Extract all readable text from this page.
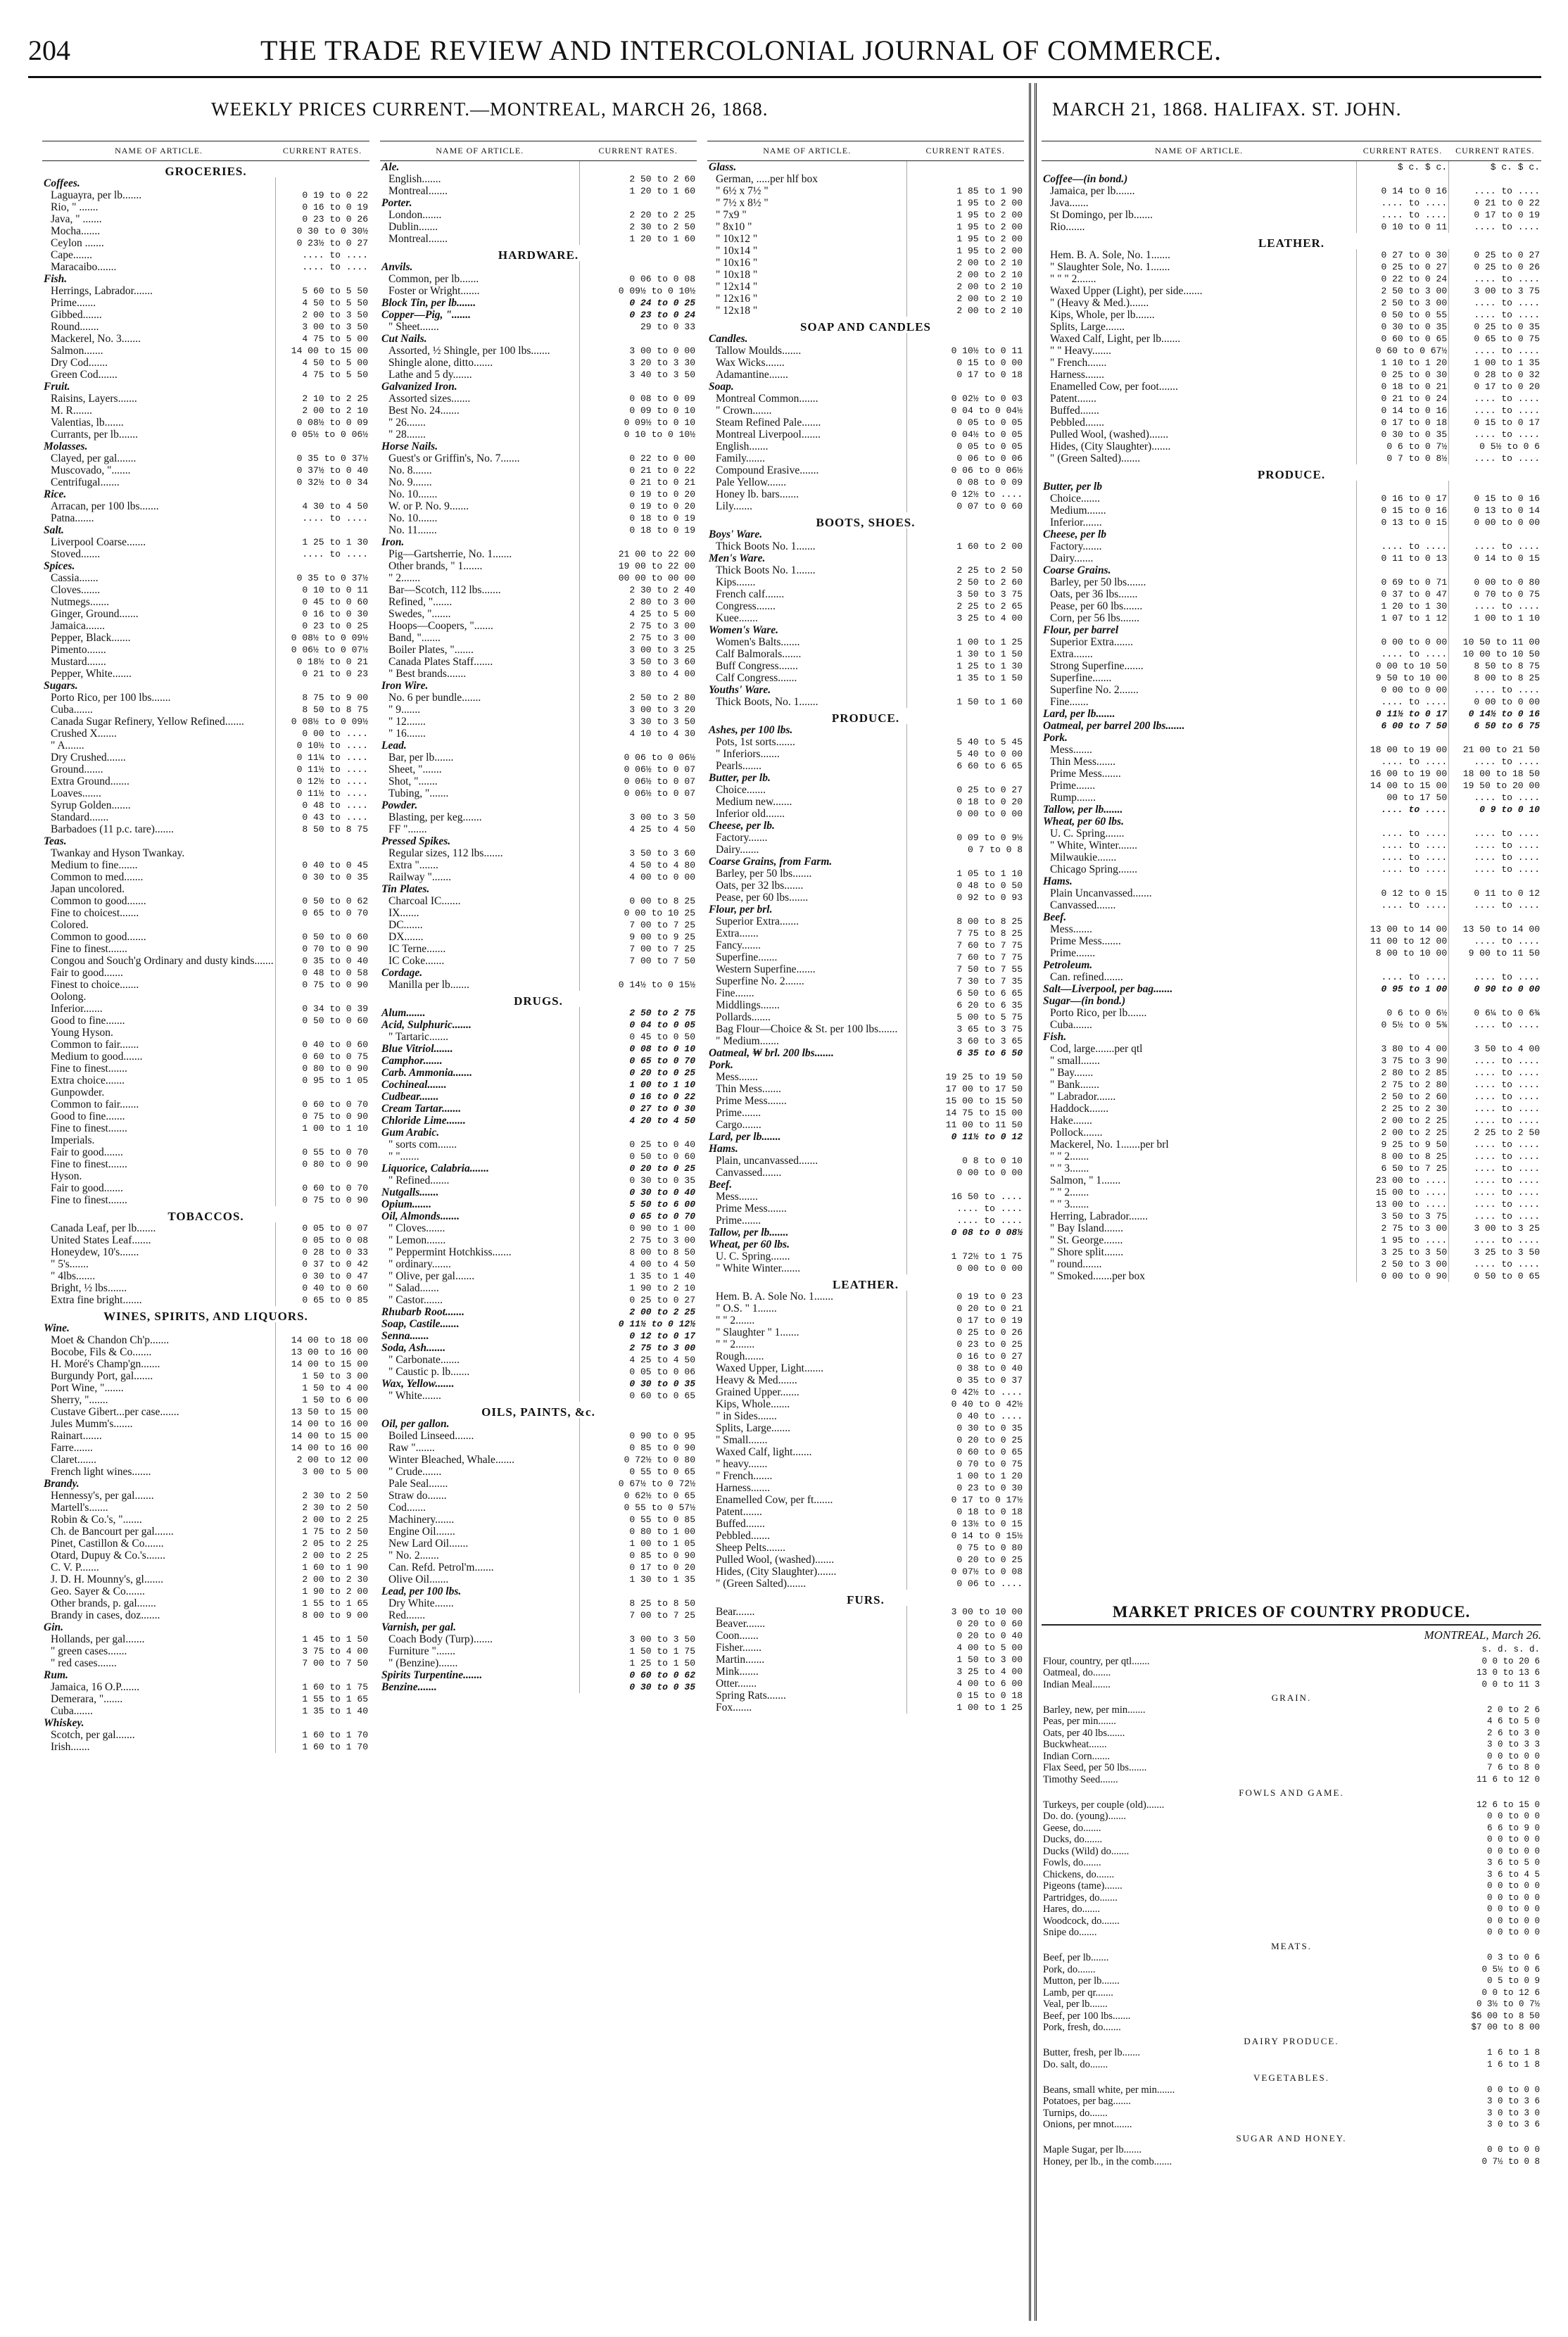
204	THE TRADE REVIEW AND INTERCOLONIAL JOURNAL OF COMMERCE.
WEEKLY PRICES CURRENT.—MONTREAL, MARCH 26, 1868.	MARCH 21, 1868. HALIFAX. ST. JOHN.
NAME OF ARTICLE.	CURRENT RATES.
GROCERIES.	
Coffees.	
Laguayra, per lb.......	0 19 to 0 22
Rio, " .......	0 16 to 0 19
Java, " .......	0 23 to 0 26
Mocha.......	0 30 to 0 30½
Ceylon .......	0 23½ to 0 27
Cape.......	.... to ....
Maracaibo.......	.... to ....
Fish.	
Herrings, Labrador.......	5 60 to 5 50
Prime.......	4 50 to 5 50
Gibbed.......	2 00 to 3 50
Round.......	3 00 to 3 50
Mackerel, No. 3.......	4 75 to 5 00
Salmon.......	14 00 to 15 00
Dry Cod.......	4 50 to 5 00
Green Cod.......	4 75 to 5 50
Fruit.	
Raisins, Layers.......	2 10 to 2 25
M. R.......	2 00 to 2 10
Valentias, lb.......	0 08½ to 0 09
Currants, per lb.......	0 05½ to 0 06½
Molasses.	
Clayed, per gal.......	0 35 to 0 37½
Muscovado, ".......	0 37½ to 0 40
Centrifugal.......	0 32½ to 0 34
Rice.	
Arracan, per 100 lbs.......	4 30 to 4 50
Patna.......	.... to ....
Salt.	
Liverpool Coarse.......	1 25 to 1 30
Stoved.......	.... to ....
Spices.	
Cassia.......	0 35 to 0 37½
Cloves.......	0 10 to 0 11
Nutmegs.......	0 45 to 0 60
Ginger, Ground.......	0 16 to 0 30
Jamaica.......	0 23 to 0 25
Pepper, Black.......	0 08½ to 0 09½
Pimento.......	0 06½ to 0 07½
Mustard.......	0 18½ to 0 21
Pepper, White.......	0 21 to 0 23
Sugars.	
Porto Rico, per 100 lbs.......	8 75 to 9 00
Cuba.......	8 50 to 8 75
Canada Sugar Refinery, Yellow Refined.......	0 08½ to 0 09½
Crushed X.......	0 00 to ....
" A.......	0 10½ to ....
Dry Crushed.......	0 11¼ to ....
Ground.......	0 11½ to ....
Extra Ground.......	0 12½ to ....
Loaves.......	0 11½ to ....
Syrup Golden.......	0 48 to ....
Standard.......	0 43 to ....
Barbadoes (11 p.c. tare).......	8 50 to 8 75
Teas.	
Twankay and Hyson Twankay.	
Medium to fine.......	0 40 to 0 45
Common to med.......	0 30 to 0 35
Japan uncolored.	
Common to good.......	0 50 to 0 62
Fine to choicest.......	0 65 to 0 70
Colored.	
Common to good.......	0 50 to 0 60
Fine to finest.......	0 70 to 0 90
Congou and Souch'g Ordinary and dusty kinds.......	0 35 to 0 40
Fair to good.......	0 48 to 0 58
Finest to choice.......	0 75 to 0 90
Oolong.	
Inferior.......	0 34 to 0 39
Good to fine.......	0 50 to 0 60
Young Hyson.	
Common to fair.......	0 40 to 0 60
Medium to good.......	0 60 to 0 75
Fine to finest.......	0 80 to 0 90
Extra choice.......	0 95 to 1 05
Gunpowder.	
Common to fair.......	0 60 to 0 70
Good to fine.......	0 75 to 0 90
Fine to finest.......	1 00 to 1 10
Imperials.	
Fair to good.......	0 55 to 0 70
Fine to finest.......	0 80 to 0 90
Hyson.	
Fair to good.......	0 60 to 0 70
Fine to finest.......	0 75 to 0 90
TOBACCOS.	
Canada Leaf, per lb.......	0 05 to 0 07
United States Leaf.......	0 05 to 0 08
Honeydew, 10's.......	0 28 to 0 33
" 5's.......	0 37 to 0 42
" 4lbs.......	0 30 to 0 47
Bright, ½ lbs.......	0 40 to 0 60
Extra fine bright.......	0 65 to 0 85
WINES, SPIRITS, AND LIQUORS.	
Wine.	
Moet & Chandon Ch'p.......	14 00 to 18 00
Bocobe, Fils & Co.......	13 00 to 16 00
H. Moré's Champ'gn.......	14 00 to 15 00
Burgundy Port, gal.......	1 50 to 3 00
Port Wine, ".......	1 50 to 4 00
Sherry, ".......	1 50 to 6 00
Custave Gibert...per case.......	13 50 to 15 00
Jules Mumm's.......	14 00 to 16 00
Rainart.......	14 00 to 15 00
Farre.......	14 00 to 16 00
Claret.......	2 00 to 12 00
French light wines.......	3 00 to 5 00
Brandy.	
Hennessy's, per gal.......	2 30 to 2 50
Martell's.......	2 30 to 2 50
Robin & Co.'s, ".......	2 00 to 2 25
Ch. de Bancourt per gal.......	1 75 to 2 50
Pinet, Castillon & Co.......	2 05 to 2 25
Otard, Dupuy & Co.'s.......	2 00 to 2 25
C. V. P.......	1 60 to 1 90
J. D. H. Mounny's, gl.......	2 00 to 2 30
Geo. Sayer & Co.......	1 90 to 2 00
Other brands, p. gal.......	1 55 to 1 65
Brandy in cases, doz.......	8 00 to 9 00
Gin.	
Hollands, per gal.......	1 45 to 1 50
" green cases.......	3 75 to 4 00
" red cases.......	7 00 to 7 50
Rum.	
Jamaica, 16 O.P.......	1 60 to 1 75
Demerara, ".......	1 55 to 1 65
Cuba.......	1 35 to 1 40
Whiskey.	
Scotch, per gal.......	1 60 to 1 70
Irish.......	1 60 to 1 70
NAME OF ARTICLE.	CURRENT RATES.
Ale.	
English.......	2 50 to 2 60
Montreal.......	1 20 to 1 60
Porter.	
London.......	2 20 to 2 25
Dublin.......	2 30 to 2 50
Montreal.......	1 20 to 1 60
HARDWARE.	
Anvils.	
Common, per lb.......	0 06 to 0 08
Foster or Wright.......	0 09½ to 0 10½
Block Tin, per lb.......	0 24 to 0 25
Copper—Pig, ".......	0 23 to 0 24
" Sheet.......	29 to 0 33
Cut Nails.	
Assorted, ½ Shingle, per 100 lbs.......	3 00 to 0 00
Shingle alone, ditto.......	3 20 to 3 30
Lathe and 5 dy.......	3 40 to 3 50
Galvanized Iron.	
Assorted sizes.......	0 08 to 0 09
Best No. 24.......	0 09 to 0 10
" 26.......	0 09½ to 0 10
" 28.......	0 10 to 0 10½
Horse Nails.	
Guest's or Griffin's, No. 7.......	0 22 to 0 00
No. 8.......	0 21 to 0 22
No. 9.......	0 21 to 0 21
No. 10.......	0 19 to 0 20
W. or P. No. 9.......	0 19 to 0 20
No. 10.......	0 18 to 0 19
No. 11.......	0 18 to 0 19
Iron.	
Pig—Gartsherrie, No. 1.......	21 00 to 22 00
Other brands, " 1.......	19 00 to 22 00
" 2.......	00 00 to 00 00
Bar—Scotch, 112 lbs.......	2 30 to 2 40
Refined, ".......	2 80 to 3 00
Swedes, ".......	4 25 to 5 00
Hoops—Coopers, ".......	2 75 to 3 00
Band, ".......	2 75 to 3 00
Boiler Plates, ".......	3 00 to 3 25
Canada Plates Staff.......	3 50 to 3 60
" Best brands.......	3 80 to 4 00
Iron Wire.	
No. 6 per bundle.......	2 50 to 2 80
" 9.......	3 00 to 3 20
" 12.......	3 30 to 3 50
" 16.......	4 10 to 4 30
Lead.	
Bar, per lb.......	0 06 to 0 06½
Sheet, ".......	0 06½ to 0 07
Shot, ".......	0 06½ to 0 07
Tubing, ".......	0 06½ to 0 07
Powder.	
Blasting, per keg.......	3 00 to 3 50
FF ".......	4 25 to 4 50
Pressed Spikes.	
Regular sizes, 112 lbs.......	3 50 to 3 60
Extra ".......	4 50 to 4 80
Railway ".......	4 00 to 0 00
Tin Plates.	
Charcoal IC.......	0 00 to 8 25
IX.......	0 00 to 10 25
DC.......	7 00 to 7 25
DX.......	9 00 to 9 25
IC Terne.......	7 00 to 7 25
IC Coke.......	7 00 to 7 50
Cordage.	
Manilla per lb.......	0 14½ to 0 15½
DRUGS.	
Alum.......	2 50 to 2 75
Acid, Sulphuric.......	0 04 to 0 05
" Tartaric.......	0 45 to 0 50
Blue Vitriol.......	0 08 to 0 10
Camphor.......	0 65 to 0 70
Carb. Ammonia.......	0 20 to 0 25
Cochineal.......	1 00 to 1 10
Cudbear.......	0 16 to 0 22
Cream Tartar.......	0 27 to 0 30
Chloride Lime.......	4 20 to 4 50
Gum Arabic.	
" sorts com.......	0 25 to 0 40
" ".......	0 50 to 0 60
Liquorice, Calabria.......	0 20 to 0 25
" Refined.......	0 30 to 0 35
Nutgalls.......	0 30 to 0 40
Opium.......	5 50 to 6 00
Oil, Almonds.......	0 65 to 0 70
" Cloves.......	0 90 to 1 00
" Lemon.......	2 75 to 3 00
" Peppermint Hotchkiss.......	8 00 to 8 50
" ordinary.......	4 00 to 4 50
" Olive, per gal.......	1 35 to 1 40
" Salad.......	1 90 to 2 10
" Castor.......	0 25 to 0 27
Rhubarb Root.......	2 00 to 2 25
Soap, Castile.......	0 11½ to 0 12½
Senna.......	0 12 to 0 17
Soda, Ash.......	2 75 to 3 00
" Carbonate.......	4 25 to 4 50
" Caustic p. lb.......	0 05 to 0 06
Wax, Yellow.......	0 30 to 0 35
" White.......	0 60 to 0 65
OILS, PAINTS, &c.	
Oil, per gallon.	
Boiled Linseed.......	0 90 to 0 95
Raw ".......	0 85 to 0 90
Winter Bleached, Whale.......	0 72½ to 0 80
" Crude.......	0 55 to 0 65
Pale Seal.......	0 67½ to 0 72½
Straw do.......	0 62½ to 0 65
Cod.......	0 55 to 0 57½
Machinery.......	0 55 to 0 85
Engine Oil.......	0 80 to 1 00
New Lard Oil.......	1 00 to 1 05
" No. 2.......	0 85 to 0 90
Can. Refd. Petrol'm.......	0 17 to 0 20
Olive Oil.......	1 30 to 1 35
Lead, per 100 lbs.	
Dry White.......	8 25 to 8 50
Red.......	7 00 to 7 25
Varnish, per gal.	
Coach Body (Turp).......	3 00 to 3 50
Furniture ".......	1 50 to 1 75
" (Benzine).......	1 25 to 1 50
Spirits Turpentine.......	0 60 to 0 62
Benzine.......	0 30 to 0 35
NAME OF ARTICLE.	CURRENT RATES.
Glass.	
German, .....per hlf box	
" 6½ x 7½ "	1 85 to 1 90
" 7½ x 8½ "	1 95 to 2 00
" 7x9 "	1 95 to 2 00
" 8x10 "	1 95 to 2 00
" 10x12 "	1 95 to 2 00
" 10x14 "	1 95 to 2 00
" 10x16 "	2 00 to 2 10
" 10x18 "	2 00 to 2 10
" 12x14 "	2 00 to 2 10
" 12x16 "	2 00 to 2 10
" 12x18 "	2 00 to 2 10
SOAP AND CANDLES	
Candles.	
Tallow Moulds.......	0 10½ to 0 11
Wax Wicks.......	0 15 to 0 00
Adamantine.......	0 17 to 0 18
Soap.	
Montreal Common.......	0 02½ to 0 03
" Crown.......	0 04 to 0 04½
Steam Refined Pale.......	0 05 to 0 05
Montreal Liverpool.......	0 04½ to 0 05
English.......	0 05 to 0 05
Family.......	0 06 to 0 06
Compound Erasive.......	0 06 to 0 06½
Pale Yellow.......	0 08 to 0 09
Honey lb. bars.......	0 12½ to ....
Lily.......	0 07 to 0 60
BOOTS, SHOES.	
Boys' Ware.	
Thick Boots No. 1.......	1 60 to 2 00
Men's Ware.	
Thick Boots No. 1.......	2 25 to 2 50
Kips.......	2 50 to 2 60
French calf.......	3 50 to 3 75
Congress.......	2 25 to 2 65
Kuee.......	3 25 to 4 00
Women's Ware.	
Women's Balts.......	1 00 to 1 25
Calf Balmorals.......	1 30 to 1 50
Buff Congress.......	1 25 to 1 30
Calf Congress.......	1 35 to 1 50
Youths' Ware.	
Thick Boots, No. 1.......	1 50 to 1 60
PRODUCE.	
Ashes, per 100 lbs.	
Pots, 1st sorts.......	5 40 to 5 45
" Inferiors.......	5 40 to 0 00
Pearls.......	6 60 to 6 65
Butter, per lb.	
Choice.......	0 25 to 0 27
Medium new.......	0 18 to 0 20
Inferior old.......	0 00 to 0 00
Cheese, per lb.	
Factory.......	0 09 to 0 9½
Dairy.......	0 7 to 0 8
Coarse Grains, from Farm.	
Barley, per 50 lbs.......	1 05 to 1 10
Oats, per 32 lbs.......	0 48 to 0 50
Pease, per 60 lbs.......	0 92 to 0 93
Flour, per brl.	
Superior Extra.......	8 00 to 8 25
Extra.......	7 75 to 8 25
Fancy.......	7 60 to 7 75
Superfine.......	7 60 to 7 75
Western Superfine.......	7 50 to 7 55
Superfine No. 2.......	7 30 to 7 35
Fine.......	6 50 to 6 65
Middlings.......	6 20 to 6 35
Pollards.......	5 00 to 5 75
Bag Flour—Choice & St. per 100 lbs.......	3 65 to 3 75
" Medium.......	3 60 to 3 65
Oatmeal, ₩ brl. 200 lbs.......	6 35 to 6 50
Pork.	
Mess.......	19 25 to 19 50
Thin Mess.......	17 00 to 17 50
Prime Mess.......	15 00 to 15 50
Prime.......	14 75 to 15 00
Cargo.......	11 00 to 11 50
Lard, per lb.......	0 11½ to 0 12
Hams.	
Plain, uncanvassed.......	0 8 to 0 10
Canvassed.......	0 00 to 0 00
Beef.	
Mess.......	16 50 to ....
Prime Mess.......	.... to ....
Prime.......	.... to ....
Tallow, per lb.......	0 08 to 0 08½
Wheat, per 60 lbs.	
U. C. Spring.......	1 72½ to 1 75
" White Winter.......	0 00 to 0 00
LEATHER.	
Hem. B. A. Sole No. 1.......	0 19 to 0 23
" O.S. " 1.......	0 20 to 0 21
" " 2.......	0 17 to 0 19
" Slaughter " 1.......	0 25 to 0 26
" " 2.......	0 23 to 0 25
Rough.......	0 16 to 0 27
Waxed Upper, Light.......	0 38 to 0 40
Heavy & Med.......	0 35 to 0 37
Grained Upper.......	0 42½ to ....
Kips, Whole.......	0 40 to 0 42½
" in Sides.......	0 40 to ....
Splits, Large.......	0 30 to 0 35
" Small.......	0 20 to 0 25
Waxed Calf, light.......	0 60 to 0 65
" heavy.......	0 70 to 0 75
" French.......	1 00 to 1 20
Harness.......	0 23 to 0 30
Enamelled Cow, per ft.......	0 17 to 0 17½
Patent.......	0 18 to 0 18
Buffed.......	0 13½ to 0 15
Pebbled.......	0 14 to 0 15½
Sheep Pelts.......	0 75 to 0 80
Pulled Wool, (washed).......	0 20 to 0 25
Hides, (City Slaughter).......	0 07½ to 0 08
" (Green Salted).......	0 06 to ....
FURS.	
Bear.......	3 00 to 10 00
Beaver.......	0 20 to 0 60
Coon.......	0 20 to 0 40
Fisher.......	4 00 to 5 00
Martin.......	1 50 to 3 00
Mink.......	3 25 to 4 00
Otter.......	4 00 to 6 00
Spring Rats.......	0 15 to 0 18
Fox.......	1 00 to 1 25
NAME OF ARTICLE.	CURRENT RATES.	CURRENT RATES.
	$ c. $ c.	$ c. $ c.
Coffee—(in bond.)		
Jamaica, per lb.......	0 14 to 0 16	.... to ....
Java.......	.... to ....	0 21 to 0 22
St Domingo, per lb.......	.... to ....	0 17 to 0 19
Rio.......	0 10 to 0 11	.... to ....
LEATHER.		
Hem. B. A. Sole, No. 1.......	0 27 to 0 30	0 25 to 0 27
" Slaughter Sole, No. 1.......	0 25 to 0 27	0 25 to 0 26
" " " 2.......	0 22 to 0 24	.... to ....
Waxed Upper (Light), per side.......	2 50 to 3 00	3 00 to 3 75
" (Heavy & Med.).......	2 50 to 3 00	.... to ....
Kips, Whole, per lb.......	0 50 to 0 55	.... to ....
Splits, Large.......	0 30 to 0 35	0 25 to 0 35
Waxed Calf, Light, per lb.......	0 60 to 0 65	0 65 to 0 75
" " Heavy.......	0 60 to 0 67½	.... to ....
" French.......	1 10 to 1 20	1 00 to 1 35
Harness.......	0 25 to 0 30	0 28 to 0 32
Enamelled Cow, per foot.......	0 18 to 0 21	0 17 to 0 20
Patent.......	0 21 to 0 24	.... to ....
Buffed.......	0 14 to 0 16	.... to ....
Pebbled.......	0 17 to 0 18	0 15 to 0 17
Pulled Wool, (washed).......	0 30 to 0 35	.... to ....
Hides, (City Slaughter).......	0 6 to 0 7½	0 5½ to 0 6
" (Green Salted).......	0 7 to 0 8½	.... to ....
PRODUCE.		
Butter, per lb		
Choice.......	0 16 to 0 17	0 15 to 0 16
Medium.......	0 15 to 0 16	0 13 to 0 14
Inferior.......	0 13 to 0 15	0 00 to 0 00
Cheese, per lb		
Factory.......	.... to ....	.... to ....
Dairy.......	0 11 to 0 13	0 14 to 0 15
Coarse Grains.		
Barley, per 50 lbs.......	0 69 to 0 71	0 00 to 0 80
Oats, per 36 lbs.......	0 37 to 0 47	0 70 to 0 75
Pease, per 60 lbs.......	1 20 to 1 30	.... to ....
Corn, per 56 lbs.......	1 07 to 1 12	1 00 to 1 10
Flour, per barrel		
Superior Extra.......	0 00 to 0 00	10 50 to 11 00
Extra.......	.... to ....	10 00 to 10 50
Strong Superfine.......	0 00 to 10 50	8 50 to 8 75
Superfine.......	9 50 to 10 00	8 00 to 8 25
Superfine No. 2.......	0 00 to 0 00	.... to ....
Fine.......	.... to ....	0 00 to 0 00
Lard, per lb.......	0 11½ to 0 17	0 14½ to 0 16
Oatmeal, per barrel 200 lbs.......	6 00 to 7 50	6 50 to 6 75
Pork.		
Mess.......	18 00 to 19 00	21 00 to 21 50
Thin Mess.......	.... to ....	.... to ....
Prime Mess.......	16 00 to 19 00	18 00 to 18 50
Prime.......	14 00 to 15 00	19 50 to 20 00
Rump.......	00 to 17 50	.... to ....
Tallow, per lb.......	.... to ....	0 9 to 0 10
Wheat, per 60 lbs.		
U. C. Spring.......	.... to ....	.... to ....
" White, Winter.......	.... to ....	.... to ....
Milwaukie.......	.... to ....	.... to ....
Chicago Spring.......	.... to ....	.... to ....
Hams.		
Plain Uncanvassed.......	0 12 to 0 15	0 11 to 0 12
Canvassed.......	.... to ....	.... to ....
Beef.		
Mess.......	13 00 to 14 00	13 50 to 14 00
Prime Mess.......	11 00 to 12 00	.... to ....
Prime.......	8 00 to 10 00	9 00 to 11 50
Petroleum.		
Can. refined.......	.... to ....	.... to ....
Salt—Liverpool, per bag.......	0 95 to 1 00	0 90 to 0 00
Sugar—(in bond.)		
Porto Rico, per lb.......	0 6 to 0 6½	0 6¼ to 0 6¾
Cuba.......	0 5½ to 0 5¾	.... to ....
Fish.		
Cod, large.......per qtl	3 80 to 4 00	3 50 to 4 00
" small.......	3 75 to 3 90	.... to ....
" Bay.......	2 80 to 2 85	.... to ....
" Bank.......	2 75 to 2 80	.... to ....
" Labrador.......	2 50 to 2 60	.... to ....
Haddock.......	2 25 to 2 30	.... to ....
Hake.......	2 00 to 2 25	.... to ....
Pollock.......	2 00 to 2 25	2 25 to 2 50
Mackerel, No. 1.......per brl	9 25 to 9 50	.... to ....
" " 2.......	8 00 to 8 25	.... to ....
" " 3.......	6 50 to 7 25	.... to ....
Salmon, " 1.......	23 00 to ....	.... to ....
" " 2.......	15 00 to ....	.... to ....
" " 3.......	13 00 to ....	.... to ....
Herring, Labrador.......	3 50 to 3 75	.... to ....
" Bay Island.......	2 75 to 3 00	3 00 to 3 25
" St. George.......	1 95 to ....	.... to ....
" Shore split.......	3 25 to 3 50	3 25 to 3 50
" round.......	2 50 to 3 00	.... to ....
" Smoked.......per box	0 00 to 0 90	0 50 to 0 65
MARKET PRICES OF COUNTRY PRODUCE.
MONTREAL, March 26.
	s. d. s. d.
Flour, country, per qtl.......	0 0 to 20 6
Oatmeal, do.......	13 0 to 13 6
Indian Meal.......	0 0 to 11 3
GRAIN.	
Barley, new, per min.......	2 0 to 2 6
Peas, per min.......	4 6 to 5 0
Oats, per 40 lbs.......	2 6 to 3 0
Buckwheat.......	3 0 to 3 3
Indian Corn.......	0 0 to 0 0
Flax Seed, per 50 lbs.......	7 6 to 8 0
Timothy Seed.......	11 6 to 12 0
FOWLS AND GAME.	
Turkeys, per couple (old).......	12 6 to 15 0
Do. do. (young).......	0 0 to 0 0
Geese, do.......	6 6 to 9 0
Ducks, do.......	0 0 to 0 0
Ducks (Wild) do.......	0 0 to 0 0
Fowls, do.......	3 6 to 5 0
Chickens, do.......	3 6 to 4 5
Pigeons (tame).......	0 0 to 0 0
Partridges, do.......	0 0 to 0 0
Hares, do.......	0 0 to 0 0
Woodcock, do.......	0 0 to 0 0
Snipe do.......	0 0 to 0 0
MEATS.	
Beef, per lb.......	0 3 to 0 6
Pork, do.......	0 5½ to 0 6
Mutton, per lb.......	0 5 to 0 9
Lamb, per qr.......	0 0 to 12 6
Veal, per lb.......	0 3½ to 0 7½
Beef, per 100 lbs.......	$6 00 to 8 50
Pork, fresh, do.......	$7 00 to 8 00
DAIRY PRODUCE.	
Butter, fresh, per lb.......	1 6 to 1 8
Do. salt, do.......	1 6 to 1 8
VEGETABLES.	
Beans, small white, per min.......	0 0 to 0 0
Potatoes, per bag.......	3 0 to 3 6
Turnips, do.......	3 0 to 3 0
Onions, per mnot.......	3 0 to 3 6
SUGAR AND HONEY.	
Maple Sugar, per lb.......	0 0 to 0 0
Honey, per lb., in the comb.......	0 7½ to 0 8
